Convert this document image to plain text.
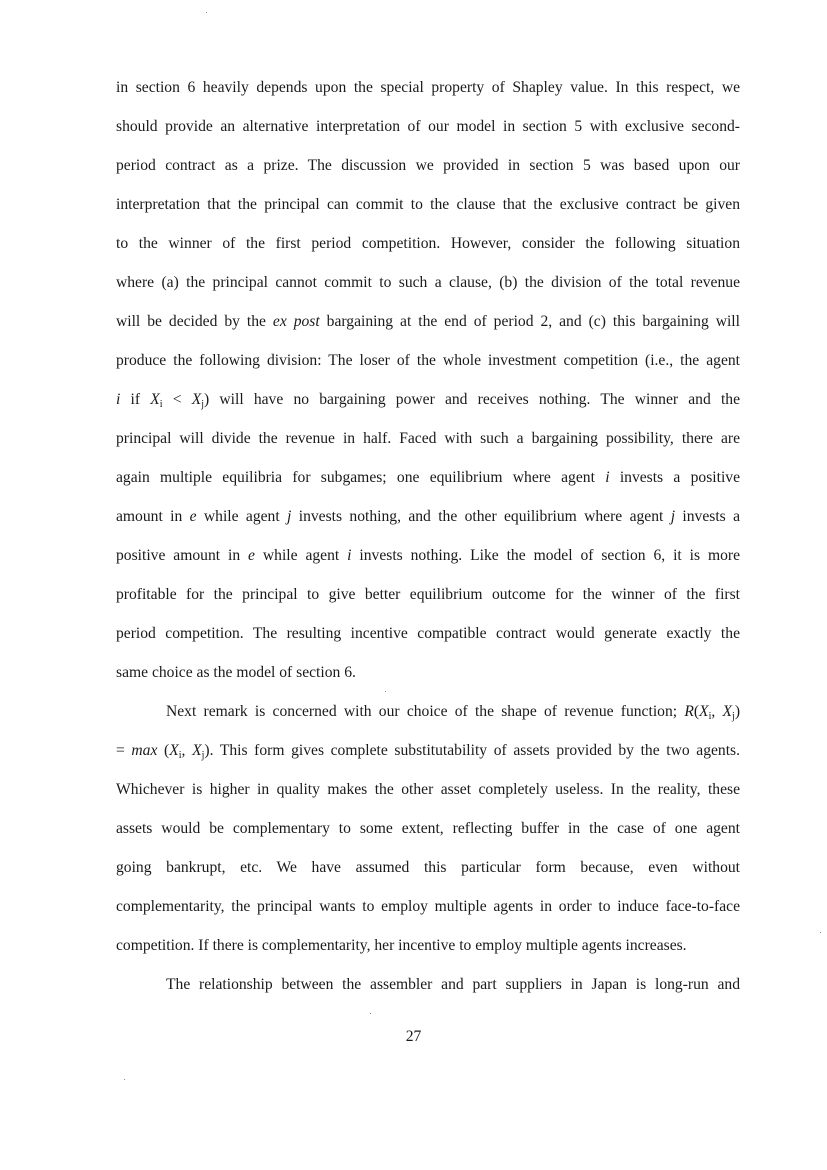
in section 6 heavily depends upon the special property of Shapley value. In this respect, we
should provide an alternative interpretation of our model in section 5 with exclusive second-
period contract as a prize. The discussion we provided in section 5 was based upon our
interpretation that the principal can commit to the clause that the exclusive contract be given
to the winner of the first period competition. However, consider the following situation
where (a) the principal cannot commit to such a clause, (b) the division of the total revenue
will be decided by the ex post bargaining at the end of period 2, and (c) this bargaining will
produce the following division: The loser of the whole investment competition (i.e., the agent
i if $X_i < X_j$) will have no bargaining power and receives nothing. The winner and the
principal will divide the revenue in half. Faced with such a bargaining possibility, there are
again multiple equilibria for subgames; one equilibrium where agent i invests a positive
amount in e while agent j invests nothing, and the other equilibrium where agent j invests a
positive amount in e while agent i invests nothing. Like the model of section 6, it is more
profitable for the principal to give better equilibrium outcome for the winner of the first
period competition. The resulting incentive compatible contract would generate exactly the
same choice as the model of section 6.
Next remark is concerned with our choice of the shape of revenue function; $R(X_i$, $X_j$)
= $\max (X_i$, $X_j$). This form gives complete substitutability of assets provided by the two agents.
Whichever is higher in quality makes the other asset completely useless. In the reality, these
assets would be complementary to some extent, reflecting buffer in the case of one agent
going bankrupt, etc. We have assumed this particular form because, even without
complementarity, the principal wants to employ multiple agents in order to induce face-to-face
competition. If there is complementarity, her incentive to employ multiple agents increases.
The relationship between the assembler and part suppliers in Japan is long-run and
27
